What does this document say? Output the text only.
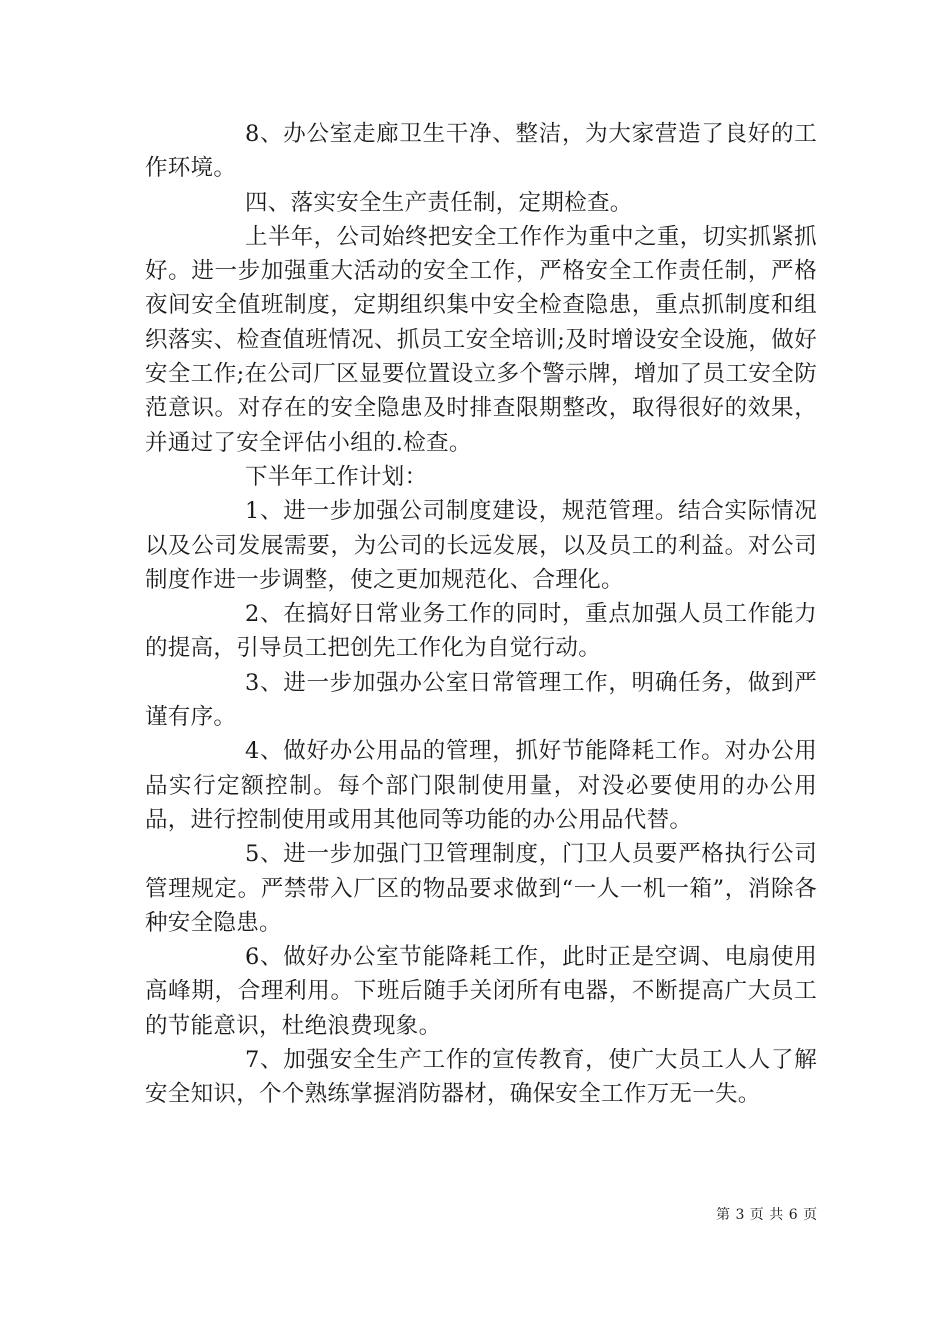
8、办公室走廊卫生干净、整洁，为大家营造了良好的工作环境。

四、落实安全生产责任制，定期检查。

上半年，公司始终把安全工作作为重中之重，切实抓紧抓好。进一步加强重大活动的安全工作，严格安全工作责任制，严格夜间安全值班制度，定期组织集中安全检查隐患，重点抓制度和组织落实、检查值班情况、抓员工安全培训;及时增设安全设施，做好安全工作;在公司厂区显要位置设立多个警示牌，增加了员工安全防范意识。对存在的安全隐患及时排查限期整改，取得很好的效果，并通过了安全评估小组的.检查。

下半年工作计划：

1、进一步加强公司制度建设，规范管理。结合实际情况以及公司发展需要，为公司的长远发展，以及员工的利益。对公司制度作进一步调整，使之更加规范化、合理化。

2、在搞好日常业务工作的同时，重点加强人员工作能力的提高，引导员工把创先工作化为自觉行动。

3、进一步加强办公室日常管理工作，明确任务，做到严谨有序。

4、做好办公用品的管理，抓好节能降耗工作。对办公用品实行定额控制。每个部门限制使用量，对没必要使用的办公用品，进行控制使用或用其他同等功能的办公用品代替。

5、进一步加强门卫管理制度，门卫人员要严格执行公司管理规定。严禁带入厂区的物品要求做到“一人一机一箱”，消除各种安全隐患。

6、做好办公室节能降耗工作，此时正是空调、电扇使用高峰期，合理利用。下班后随手关闭所有电器，不断提高广大员工的节能意识，杜绝浪费现象。

7、加强安全生产工作的宣传教育，使广大员工人人了解安全知识，个个熟练掌握消防器材，确保安全工作万无一失。

第 3 页 共 6 页
